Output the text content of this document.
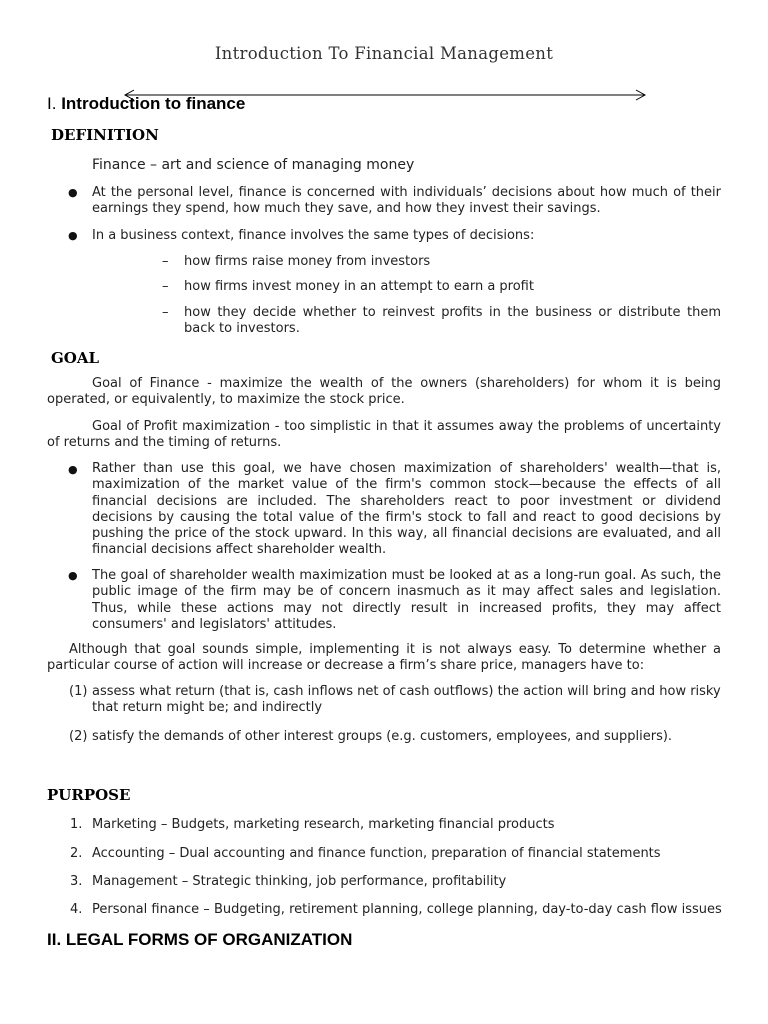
Introduction To Financial Management
I. Introduction to finance
DEFINITION
Finance – art and science of managing money
● At the personal level, finance is concerned with individuals’ decisions about how much of their earnings they spend, how much they save, and how they invest their savings.
● In a business context, finance involves the same types of decisions:
– how firms raise money from investors
– how firms invest money in an attempt to earn a profit
– how they decide whether to reinvest profits in the business or distribute them back to investors.
GOAL
Goal of Finance - maximize the wealth of the owners (shareholders) for whom it is being operated, or equivalently, to maximize the stock price.
Goal of Profit maximization - too simplistic in that it assumes away the problems of uncertainty of returns and the timing of returns.
● Rather than use this goal, we have chosen maximization of shareholders' wealth—that is, maximization of the market value of the firm's common stock—because the effects of all financial decisions are included. The shareholders react to poor investment or dividend decisions by causing the total value of the firm's stock to fall and react to good decisions by pushing the price of the stock upward. In this way, all financial decisions are evaluated, and all financial decisions affect shareholder wealth.
● The goal of shareholder wealth maximization must be looked at as a long-run goal. As such, the public image of the firm may be of concern inasmuch as it may affect sales and legislation. Thus, while these actions may not directly result in increased profits, they may affect consumers' and legislators' attitudes.
Although that goal sounds simple, implementing it is not always easy. To determine whether a particular course of action will increase or decrease a firm’s share price, managers have to:
(1) assess what return (that is, cash inflows net of cash outflows) the action will bring and how risky that return might be; and indirectly
(2) satisfy the demands of other interest groups (e.g. customers, employees, and suppliers).
PURPOSE
1. Marketing – Budgets, marketing research, marketing financial products
2. Accounting – Dual accounting and finance function, preparation of financial statements
3. Management – Strategic thinking, job performance, profitability
4. Personal finance – Budgeting, retirement planning, college planning, day-to-day cash flow issues
II. LEGAL FORMS OF ORGANIZATION
